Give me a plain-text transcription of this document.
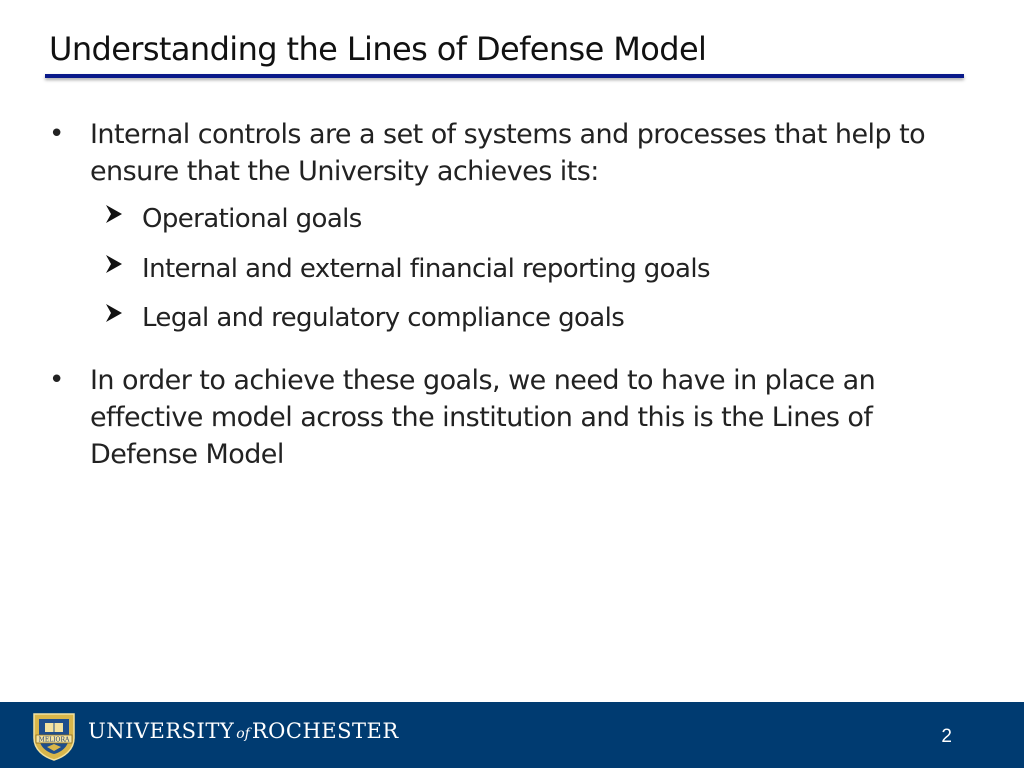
Understanding the Lines of Defense Model
• Internal controls are a set of systems and processes that help to ensure that the University achieves its:

Operational goals
Internal and external financial reporting goals
Legal and regulatory compliance goals
• In order to achieve these goals, we need to have in place an effective model across the institution and this is the Lines of Defense Model

MELIORA UNIVERSITY ofROCHESTER	2
